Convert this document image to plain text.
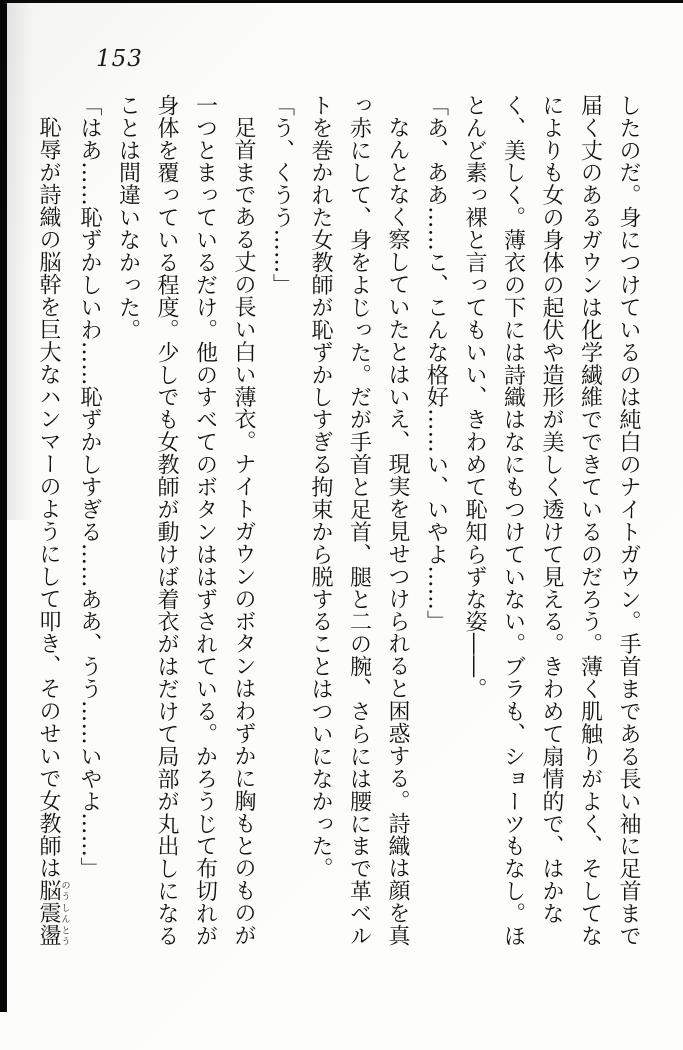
153

したのだ。身につけているのは純白のナイトガウン。手首まである長い袖に足首まで届く丈のあるガウンは化学繊維でできているのだろう。薄く肌触りがよく、そしてなによりも女の身体の起伏や造形が美しく透けて見える。きわめて扇情的で、はかなく、美しく。薄衣の下には詩織はなにもつけていない。ブラも、ショーツもなし。ほとんど素っ裸と言ってもいい、きわめて恥知らずな姿――。

「あ、ああ……こ、こんな格好……い、いやよ……」

なんとなく察していたとはいえ、現実を見せつけられると困惑する。詩織は顔を真っ赤にして、身をよじった。だが手首と足首、腿と二の腕、さらには腰にまで革ベルトを巻かれた女教師が恥ずかしすぎる拘束から脱することはついになかった。

「う、くうう……」

足首まである丈の長い白い薄衣。ナイトガウンのボタンはわずかに胸もとのものが一つとまっているだけ。他のすべてのボタンははずされている。かろうじて布切れが身体を覆っている程度。少しでも女教師が動けば着衣がはだけて局部が丸出しになることは間違いなかった。

「はあ……恥ずかしいわ……恥ずかしすぎる……ああ、うう……いやよ……」

恥辱が詩織の脳幹を巨大なハンマーのようにして叩き、そのせいで女教師は脳震盪のうしんとう
